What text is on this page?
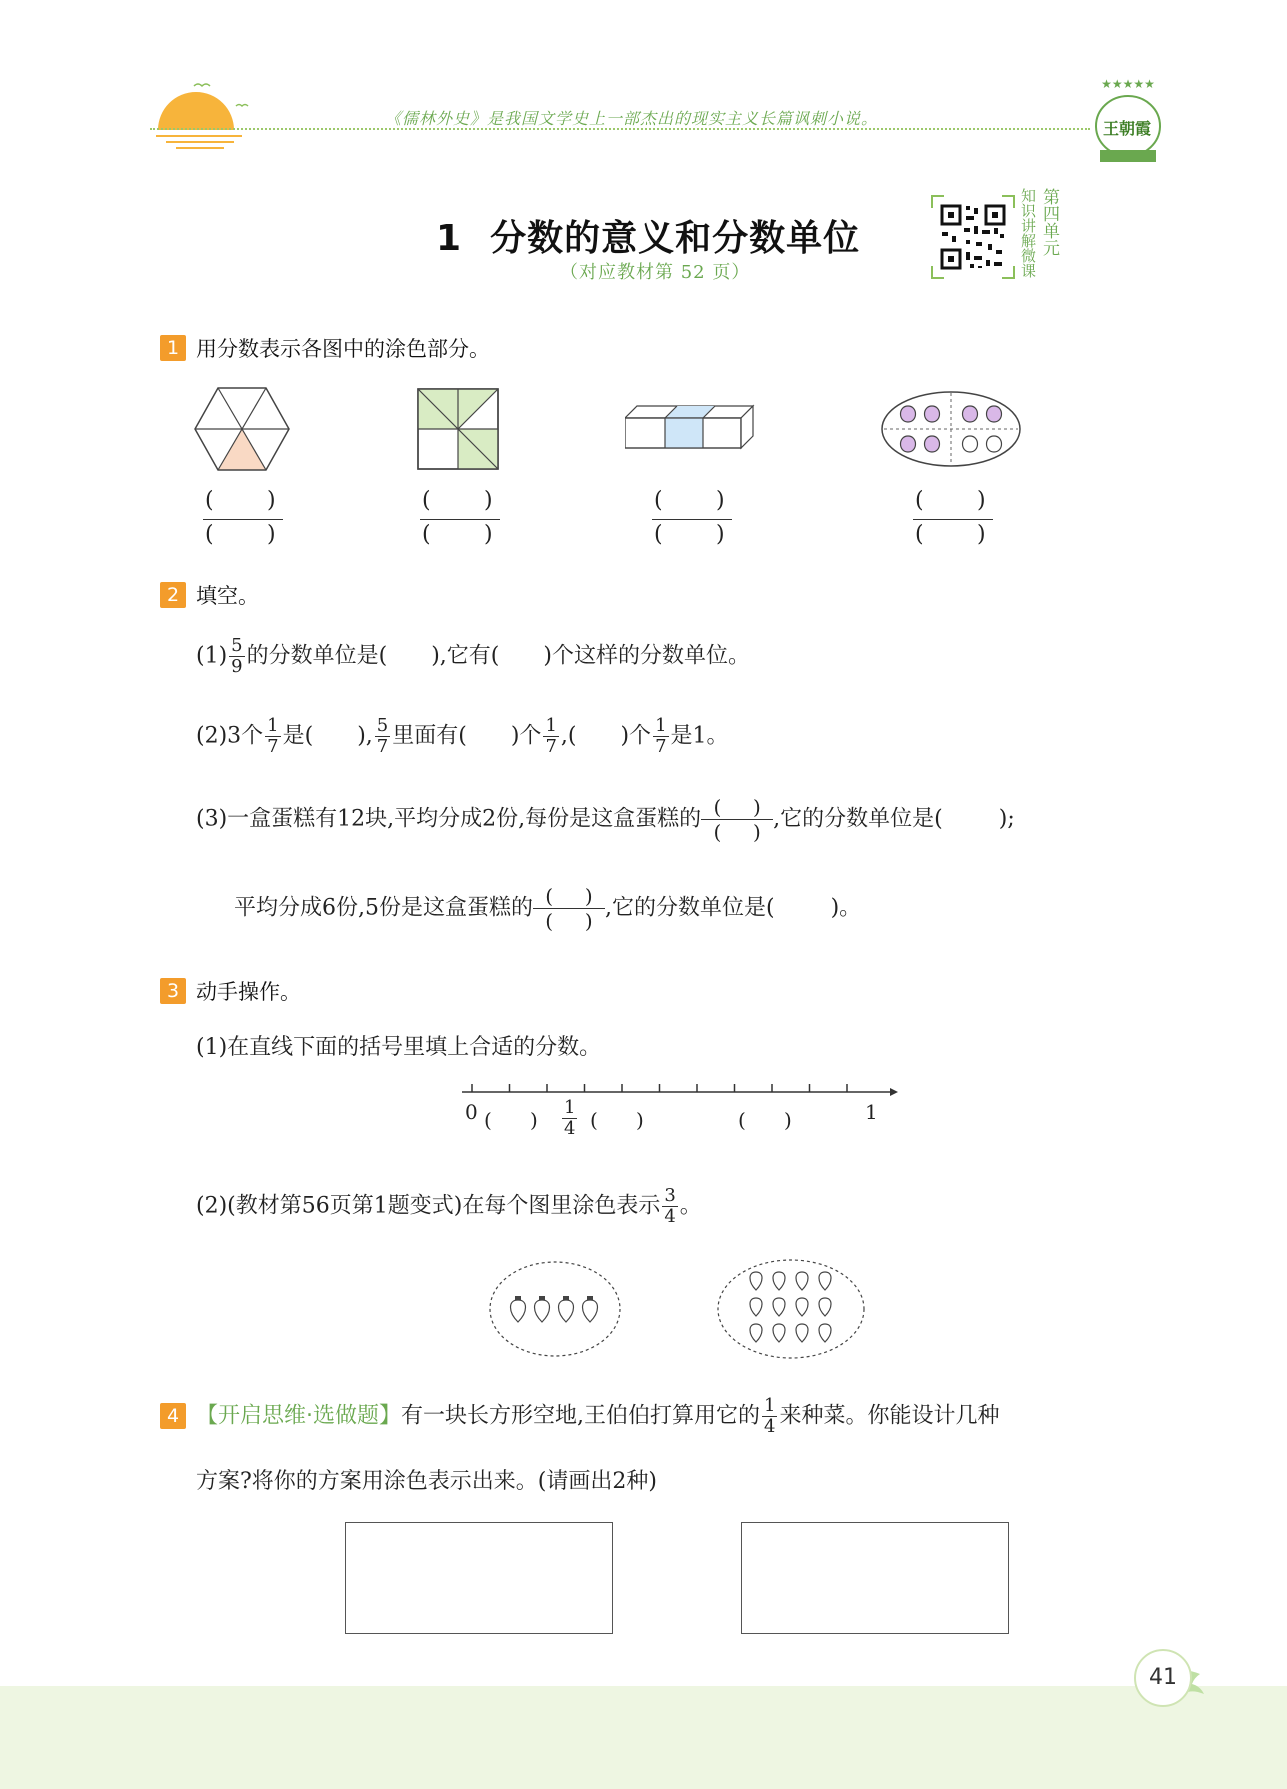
《儒林外史》是我国文学史上一部杰出的现实主义长篇讽刺小说。
★★★★★
王朝霞
1 分数的意义和分数单位
（对应教材第 52 页）	知识讲解微课 第四单元
1 用分数表示各图中的涂色部分。
( )
( )
( )
( )
( )
( )
( )
( )
2 填空。
$(1) \frac{5}{9}$ 的分数单位是( ),它有( )个这样的分数单位。
(2)3个 $\frac{1}{7}$ 是( ), $\frac{5}{7}$ 里面有( )个 $\frac{1}{7}$ ,( )个 $\frac{1}{7}$ 是1。
(3)一盒蛋糕有12块,平均分成2份,每份是这盒蛋糕的 (     )
(     )
,它的分数单位是(	);
平均分成6份,5份是这盒蛋糕的 (     )
(     )
,它的分数单位是(	)。
3 动手操作。
(1)在直线下面的括号里填上合适的分数。
0	1
$\frac{1}{4}$
(      )	(      )	(      )
(2)(教材第56页第1题变式)在每个图里涂色表示 $\frac{3}{4}$ 。
4 【开启思维·选做题】有一块长方形空地,王伯伯打算用它的 $\frac{1}{4}$ 来种菜。你能设计几种
方案?将你的方案用涂色表示出来。(请画出2种)
41
